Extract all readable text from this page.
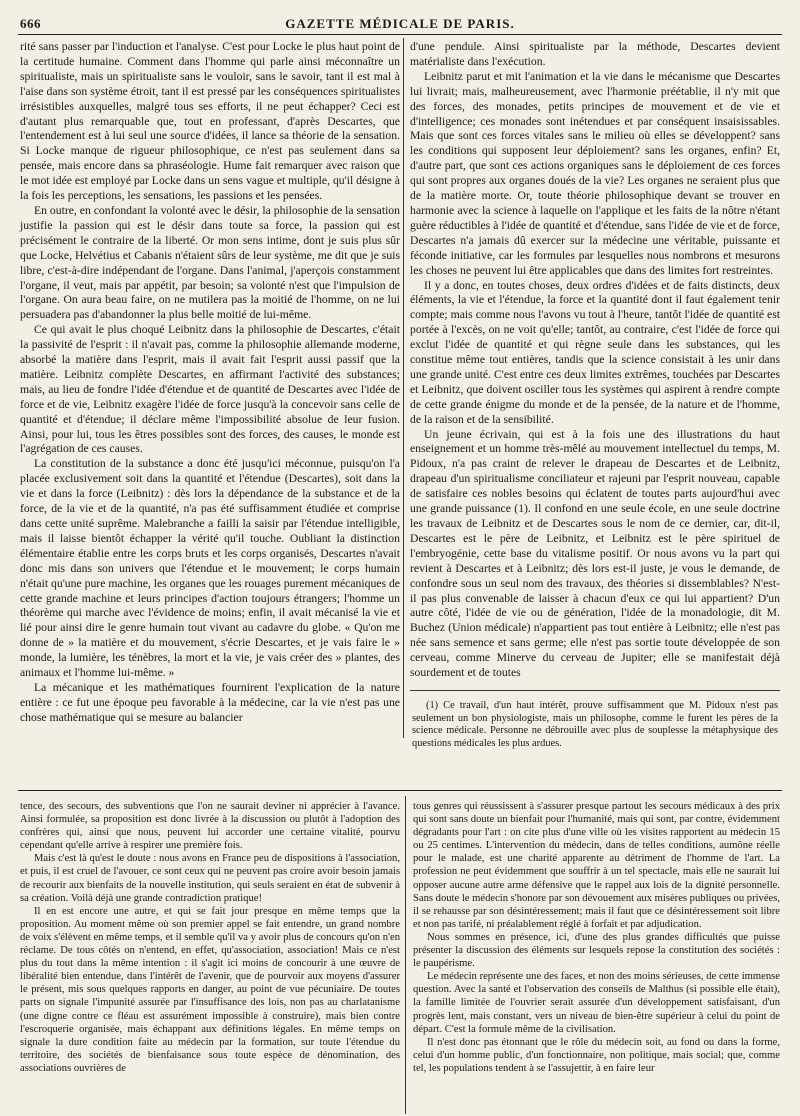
666	GAZETTE MÉDICALE DE PARIS.

rité sans passer par l'induction et l'analyse. C'est pour Locke le plus haut point de la certitude humaine. Comment dans l'homme qui parle ainsi méconnaître un spiritualiste, mais un spiritualiste sans le vouloir, sans le savoir, tant il est mal à l'aise dans son système étroit, tant il est pressé par les conséquences spiritualistes irrésistibles auxquelles, malgré tous ses efforts, il ne peut échapper? Ceci est d'autant plus remarquable que, tout en professant, d'après Descartes, que l'entendement est à lui seul une source d'idées, il lance sa théorie de la sensation. Si Locke manque de rigueur philosophique, ce n'est pas seulement dans sa pensée, mais encore dans sa phraséologie. Hume fait remarquer avec raison que le mot idée est employé par Locke dans un sens vague et multiple, qu'il désigne à la fois les perceptions, les sensations, les passions et les pensées.

En outre, en confondant la volonté avec le désir, la philosophie de la sensation justifie la passion qui est le désir dans toute sa force, la passion qui est précisément le contraire de la liberté. Or mon sens intime, dont je suis plus sûr que Locke, Helvétius et Cabanis n'étaient sûrs de leur système, me dit que je suis libre, c'est-à-dire indépendant de l'organe. Dans l'animal, j'aperçois constamment l'organe, il veut, mais par appétit, par besoin; sa volonté n'est que l'impulsion de l'organe. On aura beau faire, on ne mutilera pas la moitié de l'homme, on ne lui persuadera pas d'abandonner la plus belle moitié de lui-même.

Ce qui avait le plus choqué Leibnitz dans la philosophie de Descartes, c'était la passivité de l'esprit : il n'avait pas, comme la philosophie allemande moderne, absorbé la matière dans l'esprit, mais il avait fait l'esprit aussi passif que la matière. Leibnitz complète Descartes, en affirmant l'activité des substances; mais, au lieu de fondre l'idée d'étendue et de quantité de Descartes avec l'idée de force et de vie, Leibnitz exagère l'idée de force jusqu'à la concevoir sans celle de quantité et d'étendue; il déclare même l'impossibilité absolue de leur fusion. Ainsi, pour lui, tous les êtres possibles sont des forces, des causes, le monde est l'agrégation de ces causes.

La constitution de la substance a donc été jusqu'ici méconnue, puisqu'on l'a placée exclusivement soit dans la quantité et l'étendue (Descartes), soit dans la vie et dans la force (Leibnitz) : dès lors la dépendance de la substance et de la force, de la vie et de la quantité, n'a pas été suffisamment étudiée et comprise dans cette unité suprême. Malebranche a failli la saisir par l'étendue intelligible, mais il laisse bientôt échapper la vérité qu'il touche. Oubliant la distinction élémentaire établie entre les corps bruts et les corps organisés, Descartes n'avait donc mis dans son univers que l'étendue et le mouvement; le corps humain n'était qu'une pure machine, les organes que les rouages purement mécaniques de cette grande machine et leurs principes d'action toujours étrangers; l'homme un théorème qui marche avec l'évidence de moins; enfin, il avait mécanisé la vie et lié pour ainsi dire le genre humain tout vivant au cadavre du globe. « Qu'on me donne de » la matière et du mouvement, s'écrie Descartes, et je vais faire le » monde, la lumière, les ténèbres, la mort et la vie, je vais créer des » plantes, des animaux et l'homme lui-même. »

La mécanique et les mathématiques fournirent l'explication de la nature entière : ce fut une époque peu favorable à la médecine, car la vie n'est pas une chose mathématique qui se mesure au balancier

d'une pendule. Ainsi spiritualiste par la méthode, Descartes devient matérialiste dans l'exécution.

Leibnitz parut et mit l'animation et la vie dans le mécanisme que Descartes lui livrait; mais, malheureusement, avec l'harmonie préétablie, il n'y mit que des forces, des monades, petits principes de mouvement et de vie et d'intelligence; ces monades sont inétendues et par conséquent insaisissables. Mais que sont ces forces vitales sans le milieu où elles se développent? sans les conditions qui supposent leur déploiement? sans les organes, enfin? Et, d'autre part, que sont ces actions organiques sans le déploiement de ces forces qui sont propres aux organes doués de la vie? Les organes ne seraient plus que de la matière morte. Or, toute théorie philosophique devant se trouver en harmonie avec la science à laquelle on l'applique et les faits de la nôtre n'étant guère réductibles à l'idée de quantité et d'étendue, sans l'idée de vie et de force, Descartes n'a jamais dû exercer sur la médecine une véritable, puissante et féconde initiative, car les formules par lesquelles nous nombrons et mesurons les choses ne peuvent lui être applicables que dans des limites fort restreintes.

Il y a donc, en toutes choses, deux ordres d'idées et de faits distincts, deux éléments, la vie et l'étendue, la force et la quantité dont il faut également tenir compte; mais comme nous l'avons vu tout à l'heure, tantôt l'idée de quantité est portée à l'excès, on ne voit qu'elle; tantôt, au contraire, c'est l'idée de force qui exclut l'idée de quantité et qui règne seule dans les substances, qui les constitue même tout entières, tandis que la science consistait à les unir dans une grande unité. C'est entre ces deux limites extrêmes, touchées par Descartes et Leibnitz, que doivent osciller tous les systèmes qui aspirent à rendre compte de cette grande énigme du monde et de la pensée, de la nature et de l'homme, de la raison et de la sensibilité.

Un jeune écrivain, qui est à la fois une des illustrations du haut enseignement et un homme très-mêlé au mouvement intellectuel du temps, M. Pidoux, n'a pas craint de relever le drapeau de Descartes et de Leibnitz, drapeau d'un spiritualisme conciliateur et rajeuni par l'esprit nouveau, capable de satisfaire ces nobles besoins qui éclatent de toutes parts aujourd'hui avec une grande puissance (1). Il confond en une seule école, en une seule doctrine les travaux de Leibnitz et de Descartes sous le nom de ce dernier, car, dit-il, Descartes est le père de Leibnitz, et Leibnitz est le père spirituel de l'embryogénie, cette base du vitalisme positif. Or nous avons vu la part qui revient à Descartes et à Leibnitz; dès lors est-il juste, je vous le demande, de confondre sous un seul nom des travaux, des théories si dissemblables? N'est-il pas plus convenable de laisser à chacun d'eux ce qui lui appartient? D'un autre côté, l'idée de vie ou de génération, l'idée de la monadologie, dit M. Buchez (Union médicale) n'appartient pas tout entière à Leibnitz; elle n'est pas née sans semence et sans germe; elle n'est pas sortie toute développée de son cerveau, comme Minerve du cerveau de Jupiter; elle se manifestait déjà sourdement et de toutes

(1) Ce travail, d'un haut intérêt, prouve suffisamment que M. Pidoux n'est pas seulement un bon physiologiste, mais un philosophe, comme le furent les pères de la science médicale. Personne ne débrouille avec plus de souplesse la métaphysique des questions médicales les plus ardues.

tence, des secours, des subventions que l'on ne saurait deviner ni apprécier à l'avance. Ainsi formulée, sa proposition est donc livrée à la discussion ou plutôt à l'adoption des confrères qui, ainsi que nous, peuvent lui accorder une certaine vitalité, pourvu cependant qu'elle arrive à respirer une première fois.

Mais c'est là qu'est le doute : nous avons en France peu de dispositions à l'association, et puis, il est cruel de l'avouer, ce sont ceux qui ne peuvent pas croire avoir besoin jamais de recourir aux bienfaits de la nouvelle institution, qui seuls seraient en état de subvenir à sa création. Voilà déjà une grande contradiction pratique!

Il en est encore une autre, et qui se fait jour presque en même temps que la proposition. Au moment même où son premier appel se fait entendre, un grand nombre de voix s'élèvent en même temps, et il semble qu'il va y avoir plus de concours qu'on n'en réclame. De tous côtés on n'entend, en effet, qu'association, association! Mais ce n'est plus du tout dans la même intention : il s'agit ici moins de concourir à une œuvre de libéralité bien entendue, dans l'intérêt de l'avenir, que de pourvoir aux moyens d'assurer le présent, mis sous quelques rapports en danger, au point de vue pécuniaire. De toutes parts on signale l'impunité assurée par l'insuffisance des lois, non pas au charlatanisme (une digne contre ce fléau est assurément impossible à construire), mais bien contre l'escroquerie organisée, mais échappant aux définitions légales. En même temps on signale la dure condition faite au médecin par la formation, sur toute l'étendue du territoire, des sociétés de bienfaisance sous toute espèce de dénomination, des associations ouvrières de

tous genres qui réussissent à s'assurer presque partout les secours médicaux à des prix qui sont sans doute un bienfait pour l'humanité, mais qui sont, par contre, évidemment dégradants pour l'art : on cite plus d'une ville où les visites rapportent au médecin 15 ou 25 centimes. L'intervention du médecin, dans de telles conditions, aumône réelle pour le malade, est une charité apparente au détriment de l'homme de l'art. La profession ne peut évidemment que souffrir à un tel spectacle, mais elle ne saurait lui opposer aucune autre arme défensive que le rappel aux lois de la dignité personnelle. Sans doute le médecin s'honore par son dévouement aux misères publiques ou privées, il se rehausse par son désintéressement; mais il faut que ce désintéressement soit libre et non pas tarifé, ni préalablement réglé à forfait et par adjudication.

Nous sommes en présence, ici, d'une des plus grandes difficultés que puisse présenter la discussion des éléments sur lesquels repose la constitution des sociétés : le paupérisme.

Le médecin représente une des faces, et non des moins sérieuses, de cette immense question. Avec la santé et l'observation des conseils de Malthus (si possible elle était), la famille limitée de l'ouvrier serait assurée d'un développement satisfaisant, d'un progrès lent, mais constant, vers un niveau de bien-être supérieur à celui du point de départ. C'est la formule même de la civilisation.

Il n'est donc pas étonnant que le rôle du médecin soit, au fond ou dans la forme, celui d'un homme public, d'un fonctionnaire, non politique, mais social; que, comme tel, les populations tendent à se l'assujettir, à en faire leur
